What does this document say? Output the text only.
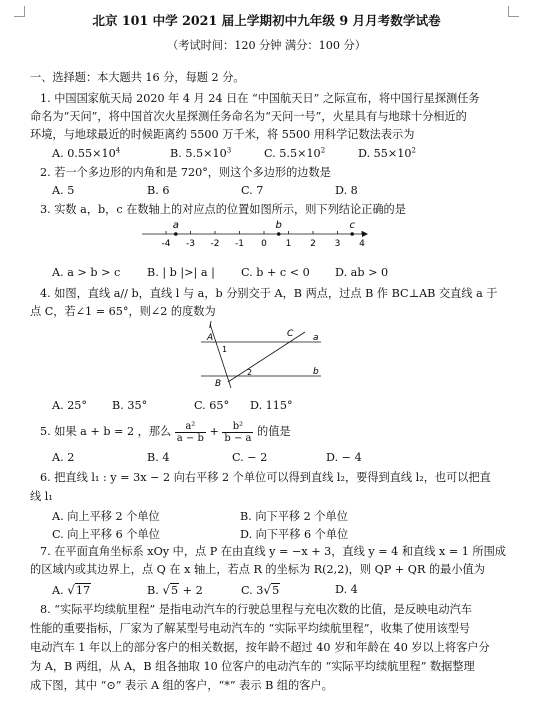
北京 101 中学 2021 届上学期初中九年级 9 月月考数学试卷
（考试时间：120 分钟 满分：100 分）
一、选择题：本大题共 16 分，每题 2 分。
1. 中国国家航天局 2020 年 4 月 24 日在 “中国航天日” 之际宣布，将中国行星探测任务
命名为“天问”，将中国首次火星探测任务命名为“天问一号”，火星具有与地球十分相近的
环境，与地球最近的时候距离约 5500 万千米，将 5500 用科学记数法表示为
A. $0.55\times 10^4$	B. $5.5\times 10^3$	C. $5.5\times 10^2$	D. $55\times 10^2$
2. 若一个多边形的内角和是 720°，则这个多边形的边数是
A. 5	B. 6	C. 7	D. 8
3. 实数 a，b，c 在数轴上的对应点的位置如图所示，则下列结论正确的是
-4 -3 -2 -1 0 1 2 3 4
a	b	c
A. a > b > c B. | b |>| a | C. b + c < 0 D. ab > 0
4. 如图，直线 a// b，直线 l 与 a，b 分别交于 A，B 两点，过点 B 作 BC⊥AB 交直线 a 于
点 C，若∠1 = 65°，则∠2 的度数为
l
A
1
B
2
C a
b
A. 25° B. 35°	C. 65° D. 115°
5. 如果 a + b = 2 ，那么 $\frac{\text{a²}}{a - b} + \frac{\text{b²}}{b - a}$ 的值是
A. 2	B. 4	C. − 2	D. − 4
6. 把直线 l₁ : y = 3x − 2 向右平移 2 个单位可以得到直线 l₂，要得到直线 l₂，也可以把直
线 l₁
A. 向上平移 2 个单位	B. 向下平移 2 个单位
C. 向上平移 6 个单位	D. 向下平移 6 个单位
7. 在平面直角坐标系 xOy 中，点 P 在由直线 y = −x + 3，直线 y = 4 和直线 x = 1 所围成
的区域内或其边界上，点 Q 在 x 轴上，若点 R 的坐标为 R(2,2)，则 QP + QR 的最小值为
A. √17	B. √5 + 2	C. 3√5	D. 4
8. “实际平均续航里程” 是指电动汽车的行驶总里程与充电次数的比值，是反映电动汽车
性能的重要指标，厂家为了解某型号电动汽车的 “实际平均续航里程”，收集了使用该型号
电动汽车 1 年以上的部分客户的相关数据，按年龄不超过 40 岁和年龄在 40 岁以上将客户分
为 A，B 两组，从 A，B 组各抽取 10 位客户的电动汽车的 “实际平均续航里程” 数据整理
成下图，其中 “⊙” 表示 A 组的客户，“*” 表示 B 组的客户。
